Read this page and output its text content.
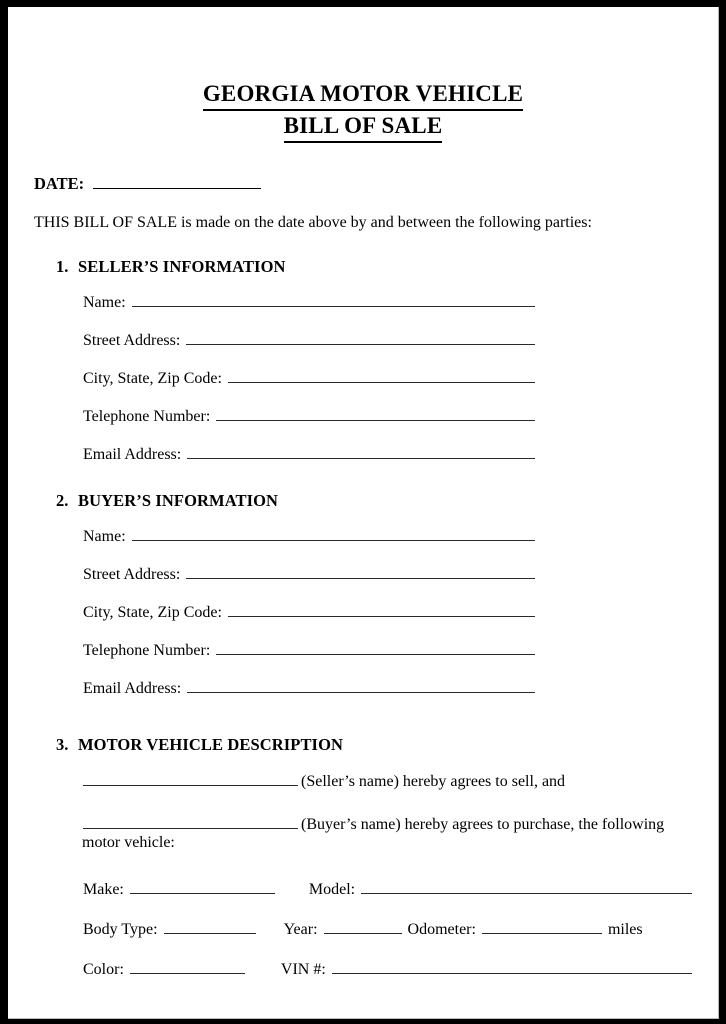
GEORGIA MOTOR VEHICLE
BILL OF SALE
DATE:
THIS BILL OF SALE is made on the date above by and between the following parties:
1. SELLER’S INFORMATION
Name:
Street Address:
City, State, Zip Code:
Telephone Number:
Email Address:
2. BUYER’S INFORMATION
Name:
Street Address:
City, State, Zip Code:
Telephone Number:
Email Address:
3. MOTOR VEHICLE DESCRIPTION
(Seller’s name) hereby agrees to sell, and
(Buyer’s name) hereby agrees to purchase, the following
motor vehicle:
Make:	Model:
Body Type:	Year:	Odometer:	miles
Color:	VIN #:
